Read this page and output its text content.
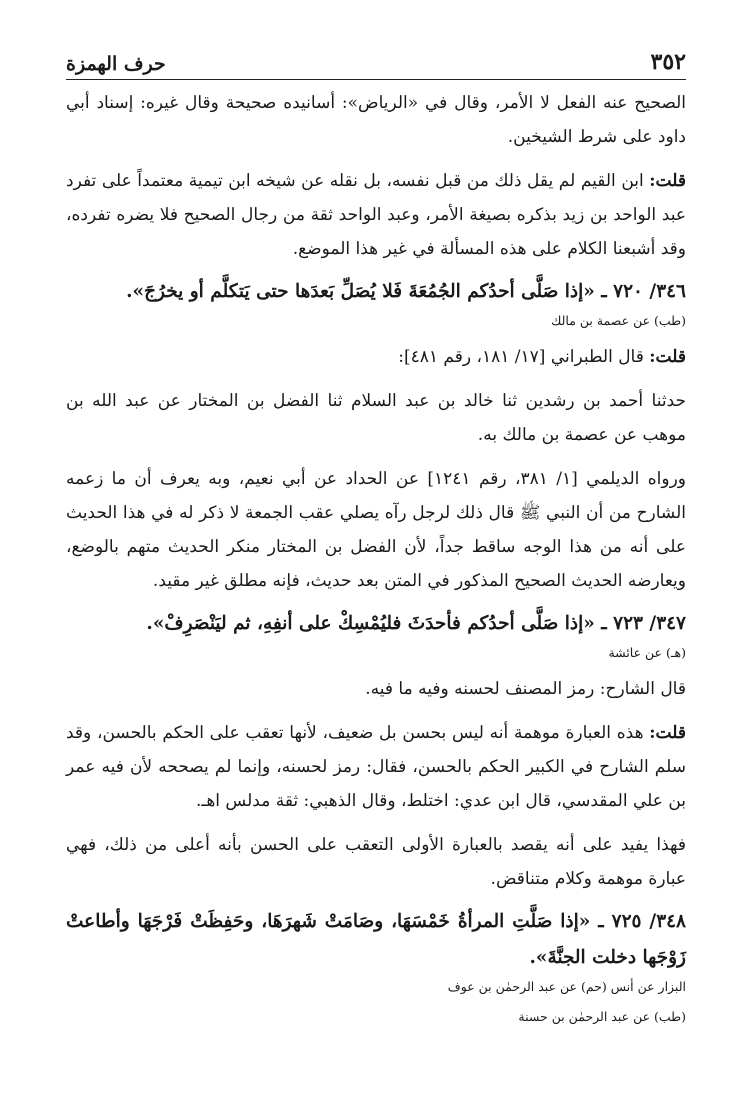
٣٥٢
حرف الهمزة

الصحيح عنه الفعل لا الأمر، وقال في «الرياض»: أسانيده صحيحة وقال غيره: إسناد أبي داود على شرط الشيخين.

قلت: ابن القيم لم يقل ذلك من قبل نفسه، بل نقله عن شيخه ابن تيمية معتمداً على تفرد عبد الواحد بن زيد بذكره بصيغة الأمر، وعبد الواحد ثقة من رجال الصحيح فلا يضره تفرده، وقد أشبعنا الكلام على هذه المسألة في غير هذا الموضع.

٣٤٦/ ٧٢٠ ـ «إذا صَلَّى أحدُكم الجُمُعَةَ فَلا يُصَلِّ بَعدَها حتى يَتكلَّم أو يخرُجَ».

(طب) عن عصمة بن مالك

قلت: قال الطبراني [١٧/ ١٨١، رقم ٤٨١]:

حدثنا أحمد بن رشدين ثنا خالد بن عبد السلام ثنا الفضل بن المختار عن عبد الله بن موهب عن عصمة بن مالك به.

ورواه الديلمي [١/ ٣٨١، رقم ١٢٤١] عن الحداد عن أبي نعيم، وبه يعرف أن ما زعمه الشارح من أن النبي ﷺ قال ذلك لرجل رآه يصلي عقب الجمعة لا ذكر له في هذا الحديث على أنه من هذا الوجه ساقط جداً، لأن الفضل بن المختار منكر الحديث متهم بالوضع، ويعارضه الحديث الصحيح المذكور في المتن بعد حديث، فإنه مطلق غير مقيد.

٣٤٧/ ٧٢٣ ـ «إذا صَلَّى أحدُكم فأحدَثَ فليُمْسِكْ على أنفِهِ، ثم ليَنْصَرِفْ».

(هـ) عن عائشة

قال الشارح: رمز المصنف لحسنه وفيه ما فيه.

قلت: هذه العبارة موهمة أنه ليس بحسن بل ضعيف، لأنها تعقب على الحكم بالحسن، وقد سلم الشارح في الكبير الحكم بالحسن، فقال: رمز لحسنه، وإنما لم يصححه لأن فيه عمر بن علي المقدسي، قال ابن عدي: اختلط، وقال الذهبي: ثقة مدلس اهـ.

فهذا يفيد على أنه يقصد بالعبارة الأولى التعقب على الحسن بأنه أعلى من ذلك، فهي عبارة موهمة وكلام متناقض.

٣٤٨/ ٧٢٥ ـ «إذا صَلَّتِ المرأةُ خَمْسَهَا، وصَامَتْ شَهرَهَا، وحَفِظَتْ فَرْجَهَا وأطاعتْ زَوْجَها دخلت الجنَّةَ».

البزار عن أنس (حم) عن عبد الرحمٰن بن عوف

(طب) عن عبد الرحمٰن بن حسنة
